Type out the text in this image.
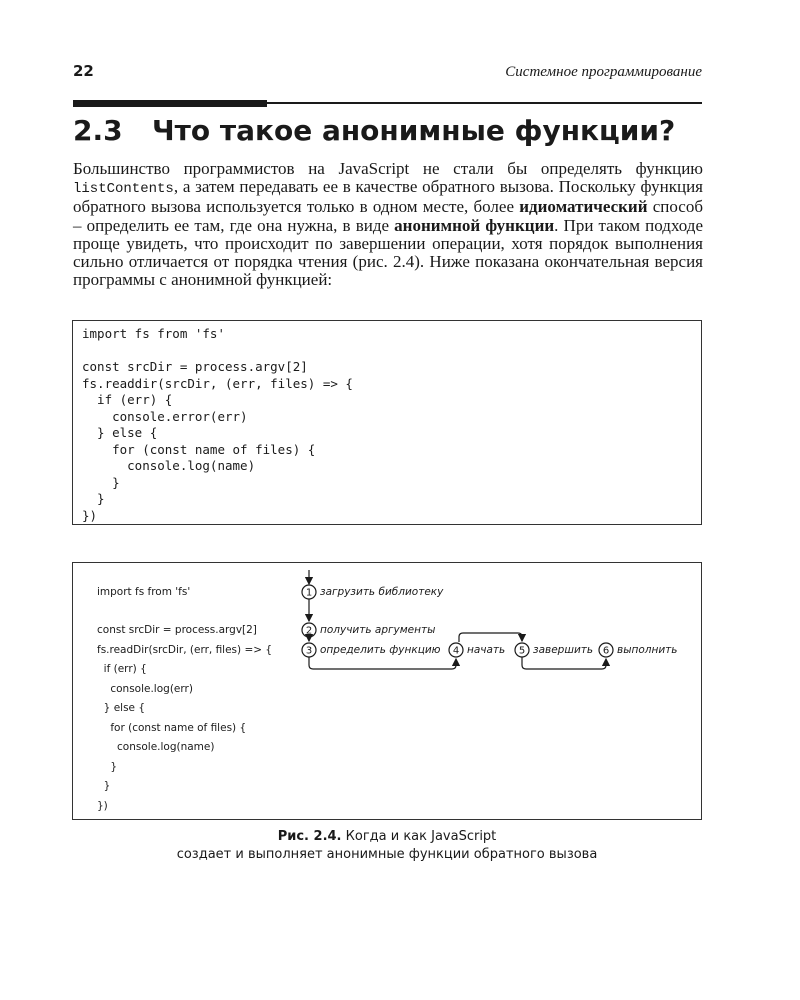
22	Системное программирование
2.3 Что такое анонимные функции?
Большинство программистов на JavaScript не стали бы определять функцию listContents, а затем передавать ее в качестве обратного вызова. Поскольку функция обратного вызова используется только в одном месте, более идиоматический способ – определить ее там, где она нужна, в виде анонимной функции. При таком подходе проще увидеть, что происходит по завершении операции, хотя порядок выполнения сильно отличается от порядка чтения (рис. 2.4). Ниже показана окончательная версия программы с анонимной функцией:
import fs from 'fs'

const srcDir = process.argv[2]
fs.readdir(srcDir, (err, files) => {
if (err) {
console.error(err)
} else {
for (const name of files) {
console.log(name)
}
}
})
import fs from 'fs'
const srcDir = process.argv[2]
fs.readDir(srcDir, (err, files) => {
if (err) {
console.log(err)
} else {
for (const name of files) {
console.log(name)
}
}
})
1
2
3	4	5	6
загрузить библиотеку
получить аргументы
определить функцию	начать	завершить выполнить
Рис. 2.4. Когда и как JavaScript
создает и выполняет анонимные функции обратного вызова
